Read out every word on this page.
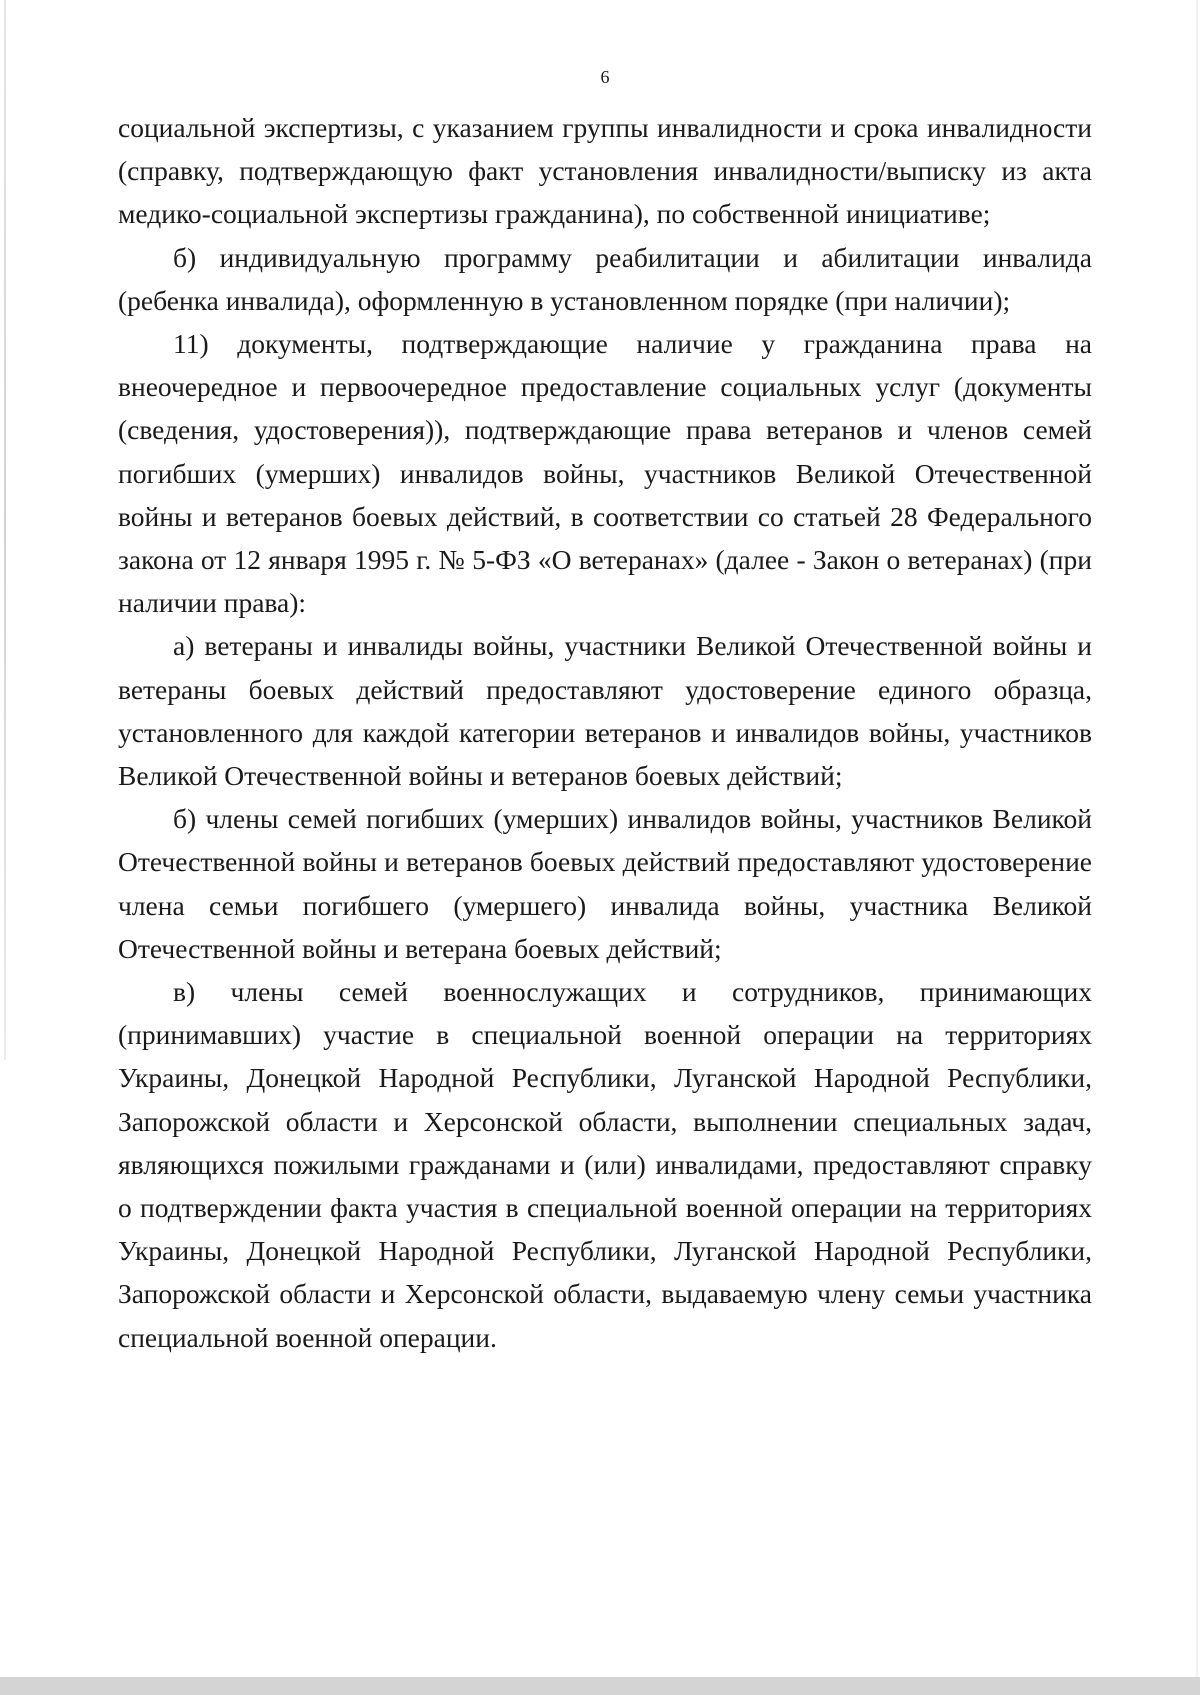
6

социальной экспертизы, с указанием группы инвалидности и срока инвалидности (справку, подтверждающую факт установления инвалидности/выписку из акта медико-социальной экспертизы гражданина), по собственной инициативе;

б) индивидуальную программу реабилитации и абилитации инвалида (ребенка инвалида), оформленную в установленном порядке (при наличии);

11) документы, подтверждающие наличие у гражданина права на внеочередное и первоочередное предоставление социальных услуг (документы (сведения, удостоверения)), подтверждающие права ветеранов и членов семей погибших (умерших) инвалидов войны, участников Великой Отечественной войны и ветеранов боевых действий, в соответствии со статьей 28 Федерального закона от 12 января 1995 г. № 5-ФЗ «О ветеранах» (далее - Закон о ветеранах) (при наличии права):

а) ветераны и инвалиды войны, участники Великой Отечественной войны и ветераны боевых действий предоставляют удостоверение единого образца, установленного для каждой категории ветеранов и инвалидов войны, участников Великой Отечественной войны и ветеранов боевых действий;

б) члены семей погибших (умерших) инвалидов войны, участников Великой Отечественной войны и ветеранов боевых действий предоставляют удостоверение члена семьи погибшего (умершего) инвалида войны, участника Великой Отечественной войны и ветерана боевых действий;

в) члены семей военнослужащих и сотрудников, принимающих (принимавших) участие в специальной военной операции на территориях Украины, Донецкой Народной Республики, Луганской Народной Республики, Запорожской области и Херсонской области, выполнении специальных задач, являющихся пожилыми гражданами и (или) инвалидами, предоставляют справку о подтверждении факта участия в специальной военной операции на территориях Украины, Донецкой Народной Республики, Луганской Народной Республики, Запорожской области и Херсонской области, выдаваемую члену семьи участника специальной военной операции.
